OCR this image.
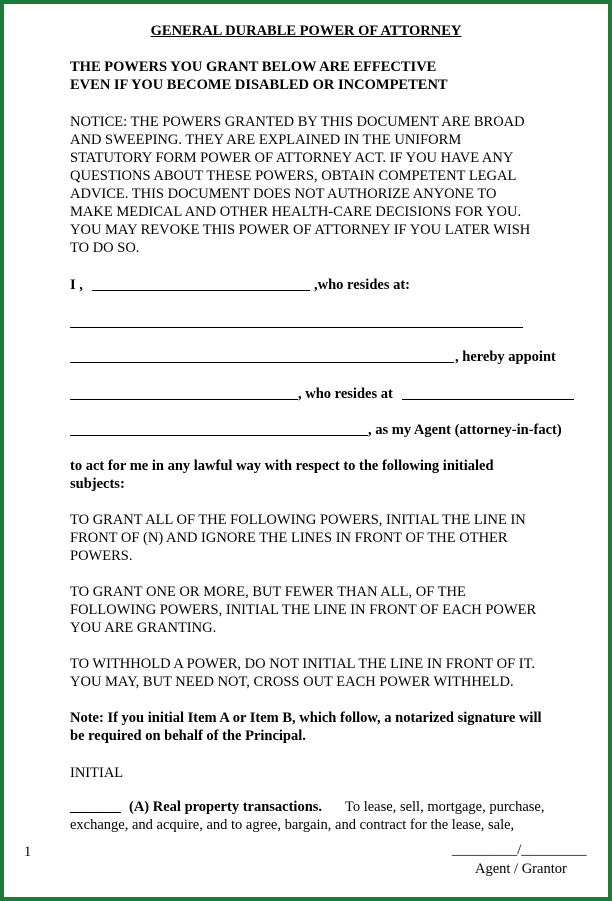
GENERAL DURABLE POWER OF ATTORNEY
THE POWERS YOU GRANT BELOW ARE EFFECTIVE
EVEN IF YOU BECOME DISABLED OR INCOMPETENT
NOTICE: THE POWERS GRANTED BY THIS DOCUMENT ARE BROAD
AND SWEEPING. THEY ARE EXPLAINED IN THE UNIFORM
STATUTORY FORM POWER OF ATTORNEY ACT. IF YOU HAVE ANY
QUESTIONS ABOUT THESE POWERS, OBTAIN COMPETENT LEGAL
ADVICE. THIS DOCUMENT DOES NOT AUTHORIZE ANYONE TO
MAKE MEDICAL AND OTHER HEALTH-CARE DECISIONS FOR YOU.
YOU MAY REVOKE THIS POWER OF ATTORNEY IF YOU LATER WISH
TO DO SO.
I ,	,who resides at:
, hereby appoint
, who resides at
, as my Agent (attorney-in-fact)
to act for me in any lawful way with respect to the following initialed
subjects:
TO GRANT ALL OF THE FOLLOWING POWERS, INITIAL THE LINE IN
FRONT OF (N) AND IGNORE THE LINES IN FRONT OF THE OTHER
POWERS.
TO GRANT ONE OR MORE, BUT FEWER THAN ALL, OF THE
FOLLOWING POWERS, INITIAL THE LINE IN FRONT OF EACH POWER
YOU ARE GRANTING.
TO WITHHOLD A POWER, DO NOT INITIAL THE LINE IN FRONT OF IT.
YOU MAY, BUT NEED NOT, CROSS OUT EACH POWER WITHHELD.
Note: If you initial Item A or Item B, which follow, a notarized signature will
be required on behalf of the Principal.
INITIAL
_______ (A) Real property transactions. To lease, sell, mortgage, purchase,
exchange, and acquire, and to agree, bargain, and contract for the lease, sale,
1	_________/_________
Agent / Grantor
